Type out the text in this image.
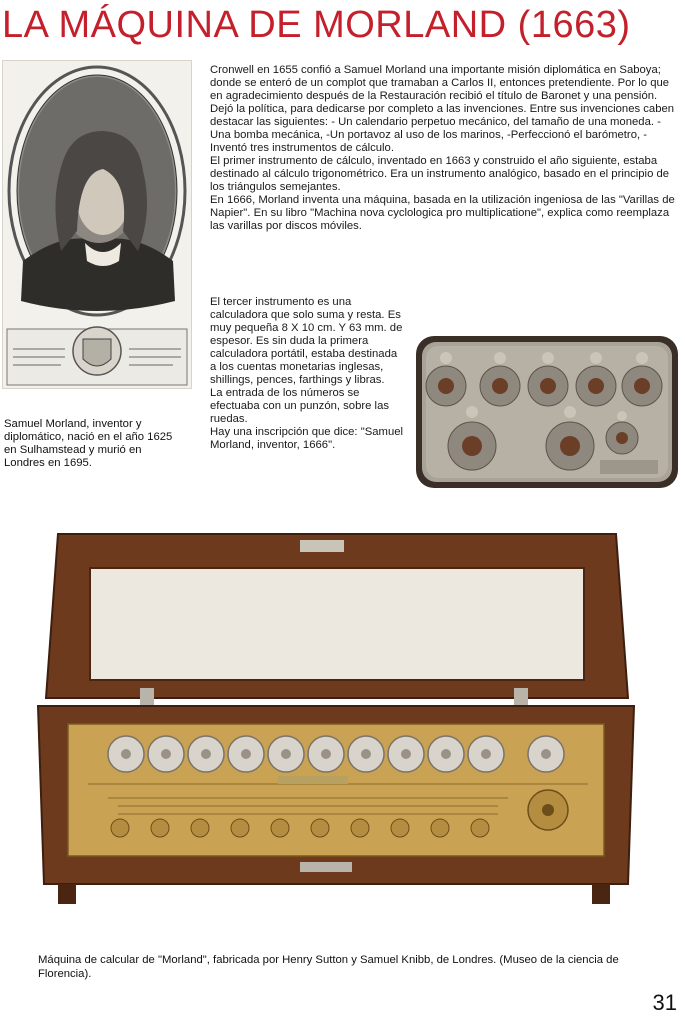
LA MÁQUINA DE MORLAND (1663)

Cronwell en 1655 confió a Samuel Morland una importante misión diplomática en Saboya; donde se enteró de un complot que tramaban a Carlos II, entonces pretendiente. Por lo que en agradecimiento después de la Restauración recibió el título de Baronet y una pensión.

Dejó la política, para dedicarse por completo a las invenciones. Entre sus invenciones caben destacar las siguientes: - Un calendario perpetuo mecánico, del tamaño de una moneda. -Una bomba mecánica, -Un portavoz al uso de los marinos, -Perfeccionó el barómetro, -Inventó tres instrumentos de cálculo.

El primer instrumento de cálculo, inventado en 1663 y construido el año siguiente, estaba destinado al cálculo trigonométrico. Era un instrumento analógico, basado en el principio de los triángulos semejantes.

En 1666, Morland inventa una máquina, basada en la utilización ingeniosa de las "Varillas de Napier". En su libro "Machina nova cyclologica pro multiplicatione", explica como reemplaza las varillas por discos móviles.

El tercer instrumento es una calculadora que solo suma y resta. Es muy pequeña 8 X 10 cm. Y 63 mm. de espesor. Es sin duda la primera calculadora portátil, estaba destinada a los cuentas monetarias inglesas, shillings, pences, farthings y libras.

La entrada de los números se efectuaba con un punzón, sobre las ruedas.

Hay una inscripción que dice: "Samuel Morland, inventor, 1666".

Samuel Morland, inventor y diplomático, nació en el año 1625 en Sulhamstead y murió en Londres en 1695.
Máquina de calcular de "Morland", fabricada por Henry Sutton y Samuel Knibb, de Londres. (Museo de la ciencia de Florencia).
31
